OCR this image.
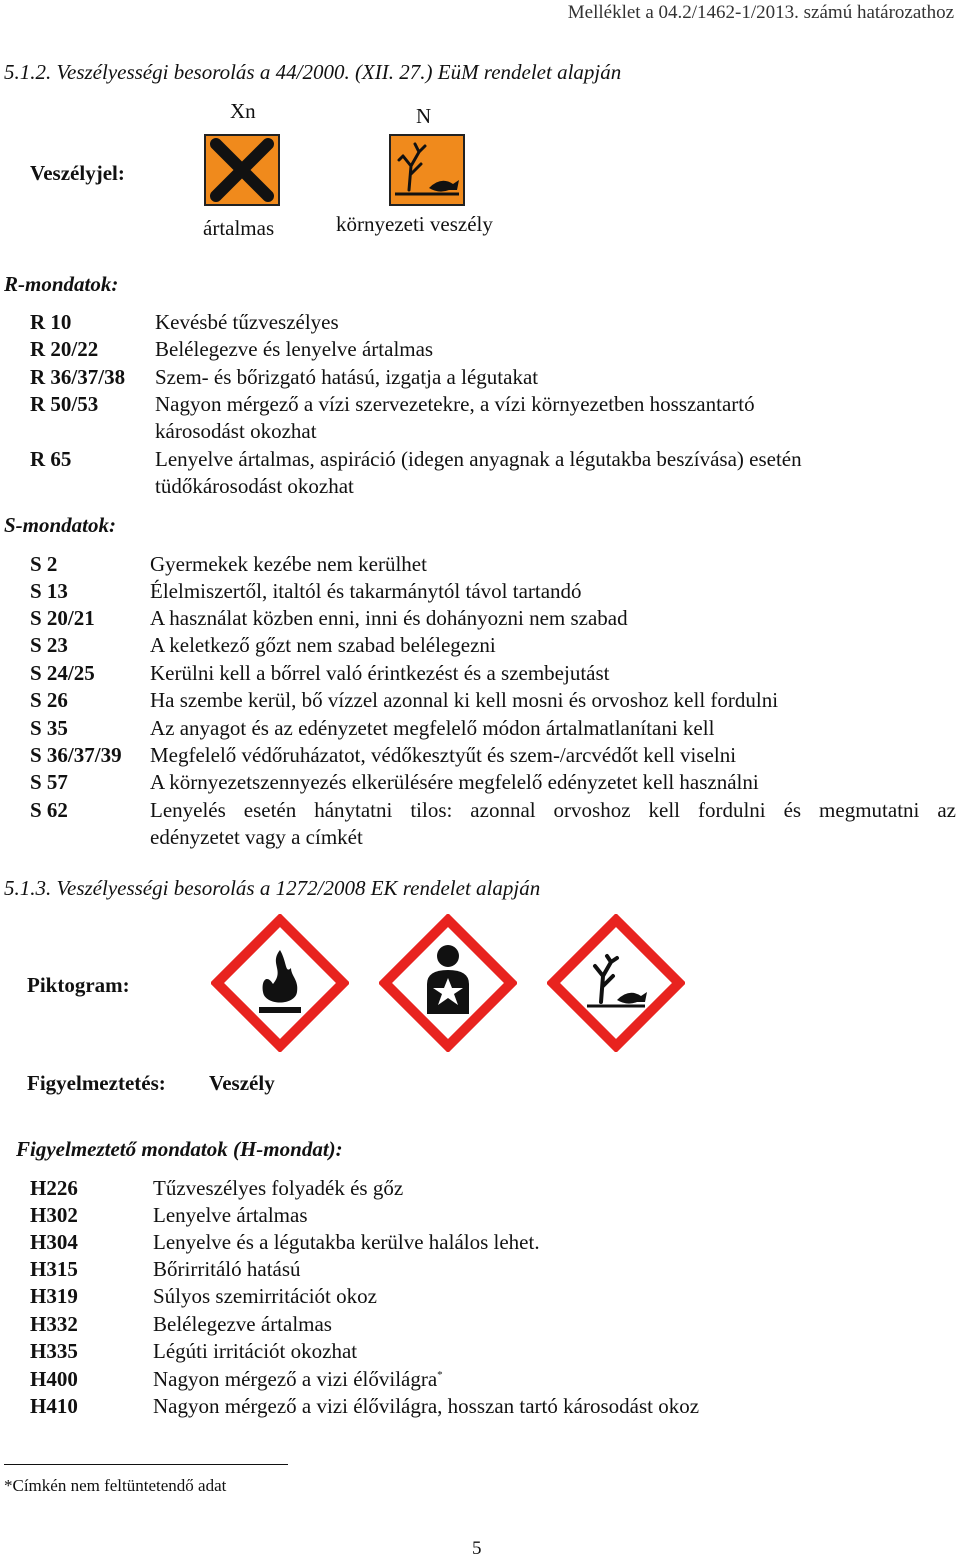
Melléklet a 04.2/1462-1/2013. számú határozathoz
5.1.2. Veszélyességi besorolás a 44/2000. (XII. 27.) EüM rendelet alapján
Xn	N
Veszélyjel:
ártalmas	környezeti veszély
R-mondatok:
R 10	Kevésbé tűzveszélyes
R 20/22	Belélegezve és lenyelve ártalmas
R 36/37/38 Szem- és bőrizgató hatású, izgatja a légutakat
R 50/53	Nagyon mérgező a vízi szervezetekre, a vízi környezetben hosszantartó
károsodást okozhat
R 65	Lenyelve ártalmas, aspiráció (idegen anyagnak a légutakba beszívása) esetén
tüdőkárosodást okozhat
S-mondatok:
S 2	Gyermekek kezébe nem kerülhet
S 13	Élelmiszertől, italtól és takarmánytól távol tartandó
S 20/21	A használat közben enni, inni és dohányozni nem szabad
S 23	A keletkező gőzt nem szabad belélegezni
S 24/25	Kerülni kell a bőrrel való érintkezést és a szembejutást
S 26	Ha szembe kerül, bő vízzel azonnal ki kell mosni és orvoshoz kell fordulni
S 35	Az anyagot és az edényzetet megfelelő módon ártalmatlanítani kell
S 36/37/39 Megfelelő védőruházatot, védőkesztyűt és szem-/arcvédőt kell viselni
S 57	A környezetszennyezés elkerülésére megfelelő edényzetet kell használni
S 62	Lenyelés esetén hánytatni tilos: azonnal orvoshoz kell fordulni és megmutatni az
edényzetet vagy a címkét
5.1.3. Veszélyességi besorolás a 1272/2008 EK rendelet alapján
Piktogram:
Figyelmeztetés: Veszély
Figyelmeztető mondatok (H-mondat):
H226	Tűzveszélyes folyadék és gőz
H302	Lenyelve ártalmas
H304	Lenyelve és a légutakba kerülve halálos lehet.
H315	Bőrirritáló hatású
H319	Súlyos szemirritációt okoz
H332	Belélegezve ártalmas
H335	Légúti irritációt okozhat
H400	Nagyon mérgező a vizi élővilágra*
H410	Nagyon mérgező a vizi élővilágra, hosszan tartó károsodást okoz
*Címkén nem feltüntetendő adat
5
